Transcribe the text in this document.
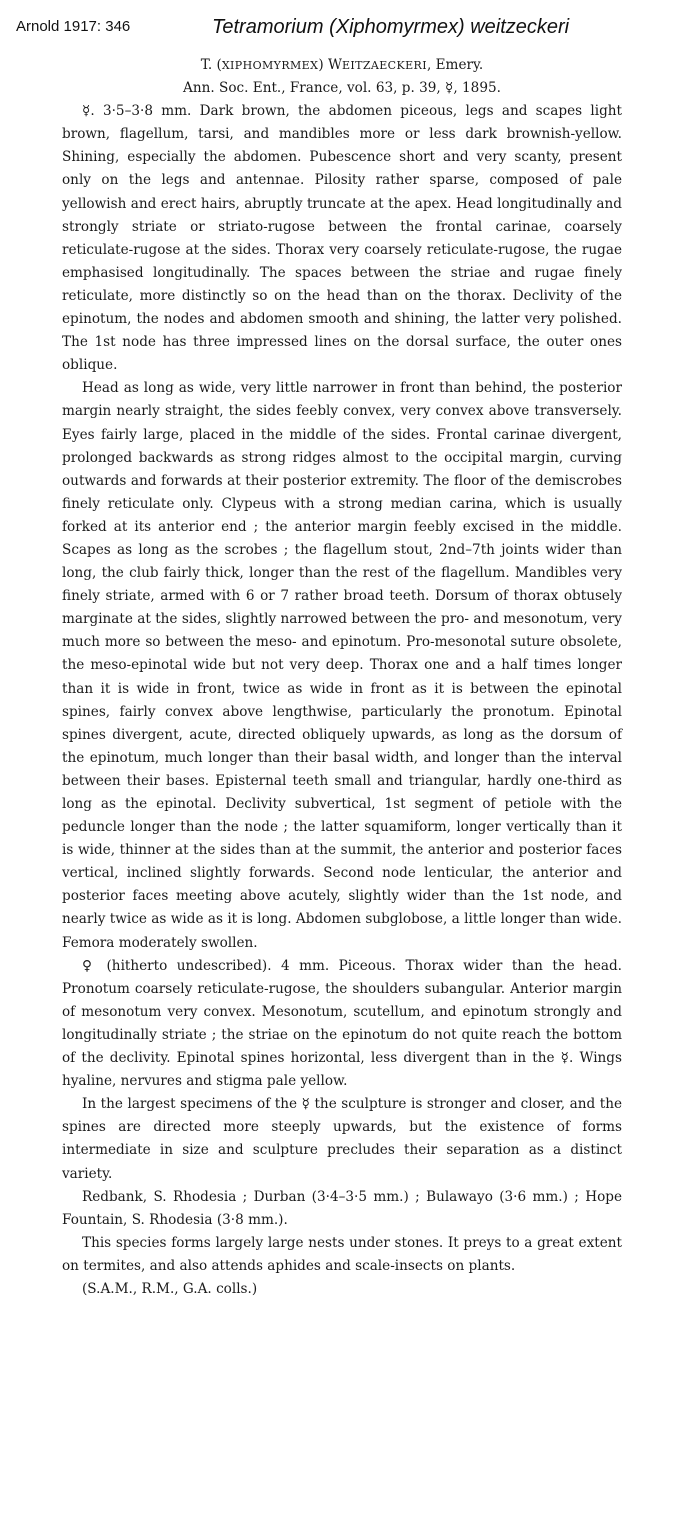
Arnold 1917: 346	Tetramorium (Xiphomyrmex) weitzeckeri

T. (XIPHOMYRMEX) WEITZAECKERI, Emery.

Ann. Soc. Ent., France, vol. 63, p. 39, ☿, 1895.

☿. 3·5–3·8 mm. Dark brown, the abdomen piceous, legs and scapes light brown, flagellum, tarsi, and mandibles more or less dark brownish-yellow. Shining, especially the abdomen. Pubescence short and very scanty, present only on the legs and antennae. Pilosity rather sparse, composed of pale yellowish and erect hairs, abruptly truncate at the apex. Head longitudinally and strongly striate or striato-rugose between the frontal carinae, coarsely reticulate-rugose at the sides. Thorax very coarsely reticulate-rugose, the rugae emphasised longitudinally. The spaces between the striae and rugae finely reticulate, more distinctly so on the head than on the thorax. Declivity of the epinotum, the nodes and abdomen smooth and shining, the latter very polished. The 1st node has three impressed lines on the dorsal surface, the outer ones oblique.

Head as long as wide, very little narrower in front than behind, the posterior margin nearly straight, the sides feebly convex, very convex above transversely. Eyes fairly large, placed in the middle of the sides. Frontal carinae divergent, prolonged backwards as strong ridges almost to the occipital margin, curving outwards and forwards at their posterior extremity. The floor of the demiscrobes finely reticulate only. Clypeus with a strong median carina, which is usually forked at its anterior end ; the anterior margin feebly excised in the middle. Scapes as long as the scrobes ; the flagellum stout, 2nd–7th joints wider than long, the club fairly thick, longer than the rest of the flagellum. Mandibles very finely striate, armed with 6 or 7 rather broad teeth. Dorsum of thorax obtusely marginate at the sides, slightly narrowed between the pro- and mesonotum, very much more so between the meso- and epinotum. Pro-mesonotal suture obsolete, the meso-epinotal wide but not very deep. Thorax one and a half times longer than it is wide in front, twice as wide in front as it is between the epinotal spines, fairly convex above lengthwise, particularly the pronotum. Epinotal spines divergent, acute, directed obliquely upwards, as long as the dorsum of the epinotum, much longer than their basal width, and longer than the interval between their bases. Episternal teeth small and triangular, hardly one-third as long as the epinotal. Declivity subvertical, 1st segment of petiole with the peduncle longer than the node ; the latter squamiform, longer vertically than it is wide, thinner at the sides than at the summit, the anterior and posterior faces vertical, inclined slightly forwards. Second node lenticular, the anterior and posterior faces meeting above acutely, slightly wider than the 1st node, and nearly twice as wide as it is long. Abdomen subglobose, a little longer than wide. Femora moderately swollen.

♀ (hitherto undescribed). 4 mm. Piceous. Thorax wider than the head. Pronotum coarsely reticulate-rugose, the shoulders subangular. Anterior margin of mesonotum very convex. Mesonotum, scutellum, and epinotum strongly and longitudinally striate ; the striae on the epinotum do not quite reach the bottom of the declivity. Epinotal spines horizontal, less divergent than in the ☿. Wings hyaline, nervures and stigma pale yellow.

In the largest specimens of the ☿ the sculpture is stronger and closer, and the spines are directed more steeply upwards, but the existence of forms intermediate in size and sculpture precludes their separation as a distinct variety.

Redbank, S. Rhodesia ; Durban (3·4–3·5 mm.) ; Bulawayo (3·6 mm.) ; Hope Fountain, S. Rhodesia (3·8 mm.).

This species forms largely large nests under stones. It preys to a great extent on termites, and also attends aphides and scale-insects on plants.

(S.A.M., R.M., G.A. colls.)
